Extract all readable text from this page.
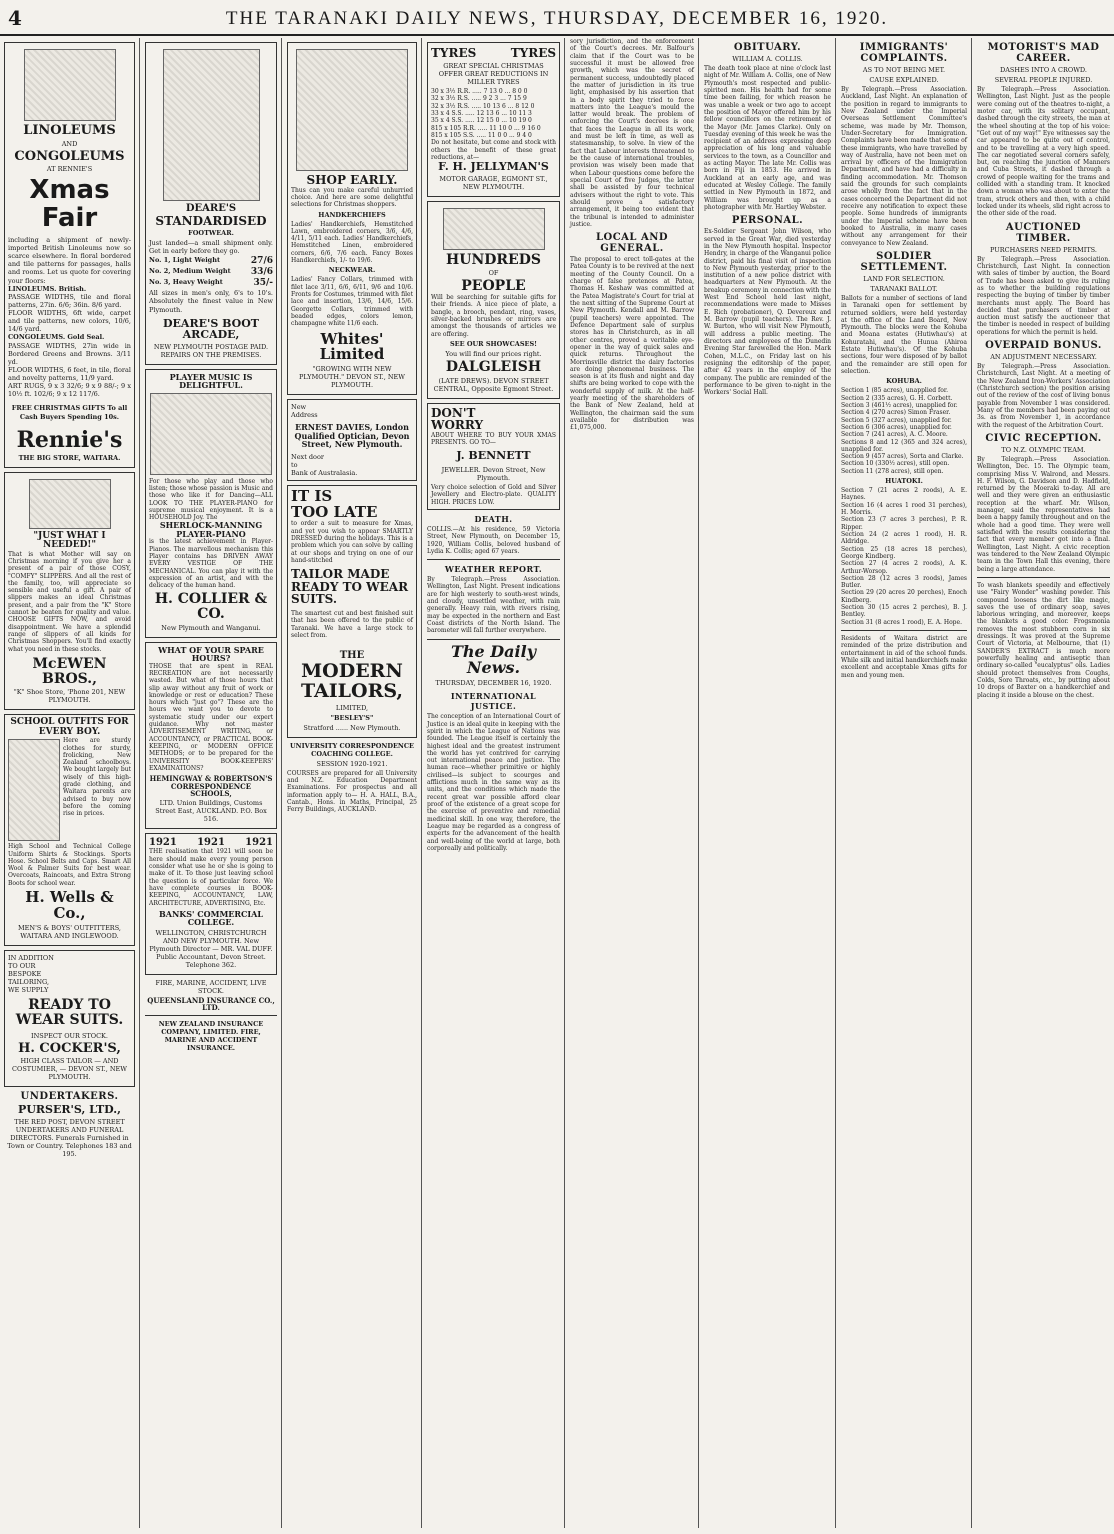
4	THE TARANAKI DAILY NEWS, THURSDAY, DECEMBER 16, 1920.
LINOLEUMS
AND
CONGOLEUMS
AT RENNIE'S
Xmas Fair
including a shipment of newly-imported British Linoleums now so scarce elsewhere. In floral bordered and tile patterns for passages, halls and rooms. Let us quote for covering your floors:
LINOLEUMS. British.
PASSAGE WIDTHS, tile and floral patterns, 27in. 6/6; 36in. 8/6 yard.
FLOOR WIDTHS, 6ft wide, carpet and tile patterns, new colors, 10/6, 14/6 yard.
CONGOLEUMS. Gold Seal.
PASSAGE WIDTHS, 27in wide in Bordered Greens and Browns. 3/11 yd.
FLOOR WIDTHS, 6 feet, in tile, floral and novelty patterns, 11/9 yard.
ART RUGS, 9 x 3 32/6; 9 x 9 88/-; 9 x 10½ ft. 102/6; 9 x 12 117/6.
FREE CHRISTMAS GIFTS To all Cash Buyers Spending 10s.
Rennie's
THE BIG STORE, WAITARA.
"JUST WHAT I NEEDED!"
That is what Mother will say on Christmas morning if you give her a present of a pair of those COSY, "COMFY" SLIPPERS. And all the rest of the family, too, will appreciate so sensible and useful a gift. A pair of slippers makes an ideal Christmas present, and a pair from the "K" Store cannot be beaten for quality and value. CHOOSE GIFTS NOW, and avoid disappointment. We have a splendid range of slippers of all kinds for Christmas Shoppers. You'll find exactly what you need in these stocks.
McEWEN BROS.,
"K" Shoe Store, 'Phone 201, NEW PLYMOUTH.
SCHOOL OUTFITS FOR EVERY BOY.
Here are sturdy clothes for sturdy, frolicking, New Zealand schoolboys. We bought largely but wisely of this high-grade clothing, and Waitara parents are advised to buy now before the coming rise in prices.
High School and Technical College Uniform Shirts & Stockings. Sports Hose. School Belts and Caps. Smart All Wool & Palmer Suits for best wear. Overcoats, Raincoats, and Extra Strong Boots for school wear.
H. Wells & Co.,
MEN'S & BOYS' OUTFITTERS, WAITARA AND INGLEWOOD.
IN ADDITION
TO OUR
BESPOKE
TAILORING,
WE SUPPLY
READY TO WEAR SUITS.
INSPECT OUR STOCK.
H. COCKER'S,
HIGH CLASS TAILOR — AND COSTUMIER, — DEVON ST., NEW PLYMOUTH.
UNDERTAKERS.
PURSER'S, LTD.,
THE RED POST, DEVON STREET UNDERTAKERS AND FUNERAL DIRECTORS. Funerals Furnished in Town or Country. Telephones 183 and 195.
DEARE'S
STANDARDISED
FOOTWEAR.
Just landed—a small shipment only. Get in early before they go.
No. 1, Light Weight	27/6
No. 2, Medium Weight 33/6
No. 3, Heavy Weight	35/-
All sizes in men's only, 6's to 10's. Absolutely the finest value in New Plymouth.
DEARE'S BOOT ARCADE,
NEW PLYMOUTH POSTAGE PAID. REPAIRS ON THE PREMISES.
PLAYER MUSIC IS DELIGHTFUL.
For those who play and those who listen; those whose passion is Music and those who like it for Dancing—ALL LOOK TO THE PLAYER-PIANO for supreme musical enjoyment. It is a HOUSEHOLD Joy. The
SHERLOCK-MANNING PLAYER-PIANO
is the latest achievement in Player-Pianos. The marvellous mechanism this Player contains has DRIVEN AWAY EVERY VESTIGE OF THE MECHANICAL. You can play it with the expression of an artist, and with the delicacy of the human hand.
H. COLLIER & CO.
New Plymouth and Wanganui.
WHAT OF YOUR SPARE HOURS?
THOSE that are spent in REAL RECREATION are not necessarily wasted. But what of those hours that slip away without any fruit of work or knowledge or rest or education? These hours which "just go"? These are the hours we want you to devote to systematic study under our expert guidance. Why not master ADVERTISEMENT WRITING, or ACCOUNTANCY, or PRACTICAL BOOK-KEEPING, or MODERN OFFICE METHODS; or to be prepared for the UNIVERSITY BOOK-KEEPERS' EXAMINATIONS?
HEMINGWAY & ROBERTSON'S CORRESPONDENCE SCHOOLS,
LTD. Union Buildings, Customs Street East, AUCKLAND. P.O. Box 516.
1921 1921 1921
THE realisation that 1921 will soon be here should make every young person consider what use he or she is going to make of it. To those just leaving school the question is of particular force. We have complete courses in BOOK-KEEPING, ACCOUNTANCY, LAW, ARCHITECTURE, ADVERTISING, Etc.
BANKS' COMMERCIAL COLLEGE.
WELLINGTON, CHRISTCHURCH AND NEW PLYMOUTH. New Plymouth Director — MR. VAL DUFF. Public Accountant, Devon Street. Telephone 362.
FIRE, MARINE, ACCIDENT, LIVE STOCK.
QUEENSLAND INSURANCE CO., LTD.
NEW ZEALAND INSURANCE COMPANY, LIMITED. FIRE, MARINE AND ACCIDENT INSURANCE.
SHOP EARLY.
Thus can you make careful unhurried choice. And here are some delightful selections for Christmas shoppers.
HANDKERCHIEFS
Ladies' Handkerchiefs, Hemstitched Lawn, embroidered corners, 3/6, 4/6, 4/11, 5/11 each. Ladies' Handkerchiefs, Hemstitched Linen, embroidered corners, 6/6, 7/6 each. Fancy Boxes Handkerchiefs, 1/- to 19/6.
NECKWEAR.
Ladies' Fancy Collars, trimmed with filet lace 3/11, 6/6, 6/11, 9/6 and 10/6. Fronts for Costumes, trimmed with filet lace and insertion, 13/6, 14/6, 15/6. Georgette Collars, trimmed with beaded edges, colors lemon, champagne white 11/6 each.
Whites' Limited
"GROWING WITH NEW PLYMOUTH." DEVON ST., NEW PLYMOUTH.
New
Address
ERNEST DAVIES, London Qualified Optician, Devon Street, New Plymouth.
Next door
to
Bank of Australasia.
IT IS
TOO LATE
to order a suit to measure for Xmas, and yet you wish to appear SMARTLY DRESSED during the holidays. This is a problem which you can solve by calling at our shops and trying on one of our hand-stitched
TAILOR MADE READY TO WEAR SUITS.
The smartest cut and best finished suit that has been offered to the public of Taranaki. We have a large stock to select from.
THE
MODERN
TAILORS,
LIMITED,
"BESLEY'S"
Stratford ...... New Plymouth.
UNIVERSITY CORRESPONDENCE COACHING COLLEGE.
SESSION 1920-1921.
COURSES are prepared for all University and N.Z. Education Department Examinations. For prospectus and all information apply to— H. A. HALL, B.A., Cantab., Hons. in Maths, Principal, 25 Ferry Buildings, AUCKLAND.
TYRES	TYRES
GREAT SPECIAL CHRISTMAS OFFER GREAT REDUCTIONS IN MILLER TYRES
30 x 3½ R.R. ..... 7 13 0 ... 8 0 0
32 x 3½ R.S. ..... 9 2 3 ... 7 15 9
32 x 3½ R.S. ..... 10 13 6 ... 8 12 0
33 x 4 S.S. ..... 12 13 6 ... 10 11 3
35 x 4 S.S. ..... 12 15 0 ... 10 19 0
815 x 105 R.R. ..... 11 10 0 ... 9 16 0
815 x 105 S.S. ..... 11 0 0 ... 9 4 0
Do not hesitate, but come and stock with others the benefit of these great reductions, at—
F. H. JELLYMAN'S
MOTOR GARAGE, EGMONT ST., NEW PLYMOUTH.
HUNDREDS
OF
PEOPLE
Will be searching for suitable gifts for their friends. A nice piece of plate, a bangle, a brooch, pendant, ring, vases, silver-backed brushes or mirrors are amongst the thousands of articles we are offering.
SEE OUR SHOWCASES!
You will find our prices right.
DALGLEISH
(LATE DREWS). DEVON STREET CENTRAL, Opposite Egmont Street.
DON'T
WORRY
ABOUT WHERE TO BUY YOUR XMAS PRESENTS. GO TO—
J. BENNETT
JEWELLER. Devon Street, New Plymouth.
Very choice selection of Gold and Silver Jewellery and Electro-plate. QUALITY HIGH. PRICES LOW.
DEATH.
COLLIS.—At his residence, 59 Victoria Street, New Plymouth, on December 15, 1920, William Collis, beloved husband of Lydia K. Collis; aged 67 years.
WEATHER REPORT.
By Telegraph.—Press Association. Wellington, Last Night. Present indications are for high westerly to south-west winds, and cloudy, unsettled weather, with rain generally. Heavy rain, with rivers rising, may be expected in the northern and East Coast districts of the North Island. The barometer will fall further everywhere.
The Daily News.
THURSDAY, DECEMBER 16, 1920.
INTERNATIONAL JUSTICE.
The conception of an International Court of Justice is an ideal quite in keeping with the spirit in which the League of Nations was founded. The League itself is certainly the highest ideal and the greatest instrument the world has yet contrived for carrying out international peace and justice. The human race—whether primitive or highly civilised—is subject to scourges and afflictions much in the same way as its units, and the conditions which made the recent great war possible afford clear proof of the existence of a great scope for the exercise of preventive and remedial medicinal skill. In one way, therefore, the League may be regarded as a congress of experts for the advancement of the health and well-being of the world at large, both corporeally and politically.
sory jurisdiction, and the enforcement of the Court's decrees. Mr. Balfour's claim that if the Court was to be successful it must be allowed free growth, which was the secret of permanent success, undoubtedly placed the matter of jurisdiction in its true light, emphasised by his assertion that in a body spirit they tried to force matters into the League's mould the latter would break. The problem of enforcing the Court's decrees is one that faces the League in all its work, and must be left in time, as well as statesmanship, to solve. In view of the fact that Labour interests threatened to be the cause of international troubles, provision was wisely been made that when Labour questions come before the special Court of five Judges, the latter shall be assisted by four technical advisers without the right to vote. This should prove a satisfactory arrangement, it being too evident that the tribunal is intended to administer justice.
LOCAL AND GENERAL.
The proposal to erect toll-gates at the Patea County is to be revived at the next meeting of the County Council. On a charge of false pretences at Patea, Thomas H. Keshaw was committed at the Patea Magistrate's Court for trial at the next sitting of the Supreme Court at New Plymouth. Kendall and M. Barrow (pupil teachers) were appointed. The Defence Department sale of surplus stores has in Christchurch, as in all other centres, proved a veritable eye-opener in the way of quick sales and quick returns. Throughout the Morrinsville district the dairy factories are doing phenomenal business. The season is at its flush and night and day shifts are being worked to cope with the wonderful supply of milk. At the half-yearly meeting of the shareholders of the Bank of New Zealand, held at Wellington, the chairman said the sum available for distribution was £1,075,000.
OBITUARY.
WILLIAM A. COLLIS.
The death took place at nine o'clock last night of Mr. William A. Collis, one of New Plymouth's most respected and public-spirited men. His health had for some time been failing, for which reason he was unable a week or two ago to accept the position of Mayor offered him by his fellow councillors on the retirement of the Mayor (Mr. James Clarke). Only on Tuesday evening of this week he was the recipient of an address expressing deep appreciation of his long and valuable services to the town, as a Councillor and as acting Mayor. The late Mr. Collis was born in Fiji in 1853. He arrived in Auckland at an early age, and was educated at Wesley College. The family settled in New Plymouth in 1872, and William was brought up as a photographer with Mr. Hartley Webster.
PERSONAL.
Ex-Soldier Sergeant John Wilson, who served in the Great War, died yesterday in the New Plymouth hospital. Inspector Hendry, in charge of the Wanganui police district, paid his final visit of inspection to New Plymouth yesterday, prior to the institution of a new police district with headquarters at New Plymouth. At the breakup ceremony in connection with the West End School held last night, recommendations were made to Misses E. Rich (probationer), Q. Devereux and M. Barrow (pupil teachers). The Rev. J. W. Burton, who will visit New Plymouth, will address a public meeting. The directors and employees of the Dunedin Evening Star farewelled the Hon. Mark Cohen, M.L.C., on Friday last on his resigning the editorship of the paper, after 42 years in the employ of the company. The public are reminded of the performance to be given to-night in the Workers' Social Hall.
IMMIGRANTS' COMPLAINTS.
AS TO NOT BEING MET.
CAUSE EXPLAINED.
By Telegraph.—Press Association. Auckland, Last Night. An explanation of the position in regard to immigrants to New Zealand under the Imperial Overseas Settlement Committee's scheme, was made by Mr. Thomson, Under-Secretary for Immigration. Complaints have been made that some of these immigrants, who have travelled by way of Australia, have not been met on arrival by officers of the Immigration Department, and have had a difficulty in finding accommodation. Mr. Thomson said the grounds for such complaints arose wholly from the fact that in the cases concerned the Department did not receive any notification to expect these people. Some hundreds of immigrants under the Imperial scheme have been booked to Australia, in many cases without any arrangement for their conveyance to New Zealand.
SOLDIER SETTLEMENT.
LAND FOR SELECTION.
TARANAKI BALLOT.
Ballots for a number of sections of land in Taranaki open for settlement by returned soldiers, were held yesterday at the office of the Land Board, New Plymouth. The blocks were the Kohuba and Moana estates (Hutiwhau's) at Kohuratahi, and the Hunua (Ahiroa Estate Hutiwhau's). Of the Kohuba sections, four were disposed of by ballot and the remainder are still open for selection.
KOHUBA.
Section 1 (85 acres), unapplied for.
Section 2 (335 acres), G. H. Corbett.
Section 3 (461½ acres), unapplied for.
Section 4 (270 acres) Simon Fraser.
Section 5 (327 acres), unapplied for.
Section 6 (306 acres), unapplied for.
Section 7 (241 acres), A. C. Moore.
Sections 8 and 12 (365 and 324 acres), unapplied for.
Section 9 (457 acres), Sorta and Clarke.
Section 10 (330½ acres), still open.
Section 11 (278 acres), still open.
HUATOKI.
Section 7 (21 acres 2 roods), A. E. Haynes.
Section 16 (4 acres 1 rood 31 perches), H. Morris.
Section 23 (7 acres 3 perches), P. R. Ripper.
Section 24 (2 acres 1 rood), H. R. Aldridge.
Section 25 (18 acres 18 perches), George Kindberg.
Section 27 (4 acres 2 roods), A. K. Arthur-Worsop.
Section 28 (12 acres 3 roods), James Butler.
Section 29 (20 acres 20 perches), Enoch Kindberg.
Section 30 (15 acres 2 perches), B. J. Bentley.
Section 31 (8 acres 1 rood), E. A. Hope.
Residents of Waitara district are reminded of the prize distribution and entertainment in aid of the school funds. While silk and initial handkerchiefs make excellent and acceptable Xmas gifts for men and young men.
MOTORIST'S MAD CAREER.
DASHES INTO A CROWD.
SEVERAL PEOPLE INJURED.
By Telegraph.—Press Association. Wellington, Last Night. Just as the people were coming out of the theatres to-night, a motor car, with its solitary occupant, dashed through the city streets, the man at the wheel shouting at the top of his voice: "Get out of my way!" Eye witnesses say the car appeared to be quite out of control, and to be travelling at a very high speed. The car negotiated several corners safely, but, on reaching the junction of Manners and Cuba Streets, it dashed through a crowd of people waiting for the trams and collided with a standing tram. It knocked down a woman who was about to enter the tram, struck others and then, with a child locked under its wheels, slid right across to the other side of the road.
AUCTIONED TIMBER.
PURCHASERS NEED PERMITS.
By Telegraph.—Press Association. Christchurch, Last Night. In connection with sales of timber by auction, the Board of Trade has been asked to give its ruling as to whether the building regulations respecting the buying of timber by timber merchants must apply. The Board has decided that purchasers of timber at auction must satisfy the auctioneer that the timber is needed in respect of building operations for which the permit is held.
OVERPAID BONUS.
AN ADJUSTMENT NECESSARY.
By Telegraph.—Press Association. Christchurch, Last Night. At a meeting of the New Zealand Iron-Workers' Association (Christchurch section) the position arising out of the review of the cost of living bonus payable from November 1 was considered. Many of the members had been paying out 3s. as from November 1, in accordance with the request of the Arbitration Court.
CIVIC RECEPTION.
TO N.Z. OLYMPIC TEAM.
By Telegraph.—Press Association. Wellington, Dec. 15. The Olympic team, comprising Miss V. Walrond, and Messrs. H. F. Wilson, G. Davidson and D. Hadfield, returned by the Moeraki to-day. All are well and they were given an enthusiastic reception at the wharf. Mr. Wilson, manager, said the representatives had been a happy family throughout and on the whole had a good time. They were well satisfied with the results considering the fact that every member got into a final. Wellington, Last Night. A civic reception was tendered to the New Zealand Olympic team in the Town Hall this evening, there being a large attendance.
To wash blankets speedily and effectively use "Fairy Wonder" washing powder. This compound loosens the dirt like magic, saves the use of ordinary soap, saves laborious wringing, and moreover, keeps the blankets a good color. Frogsmonia removes the most stubborn corn in six dressings. It was proved at the Supreme Court of Victoria, at Melbourne, that (1) SANDER'S EXTRACT is much more powerfully healing and antiseptic than ordinary so-called "eucalyptus" oils. Ladies should protect themselves from Coughs, Colds, Sore Throats, etc., by putting about 10 drops of Baxter on a handkerchief and placing it inside a blouse on the chest.
